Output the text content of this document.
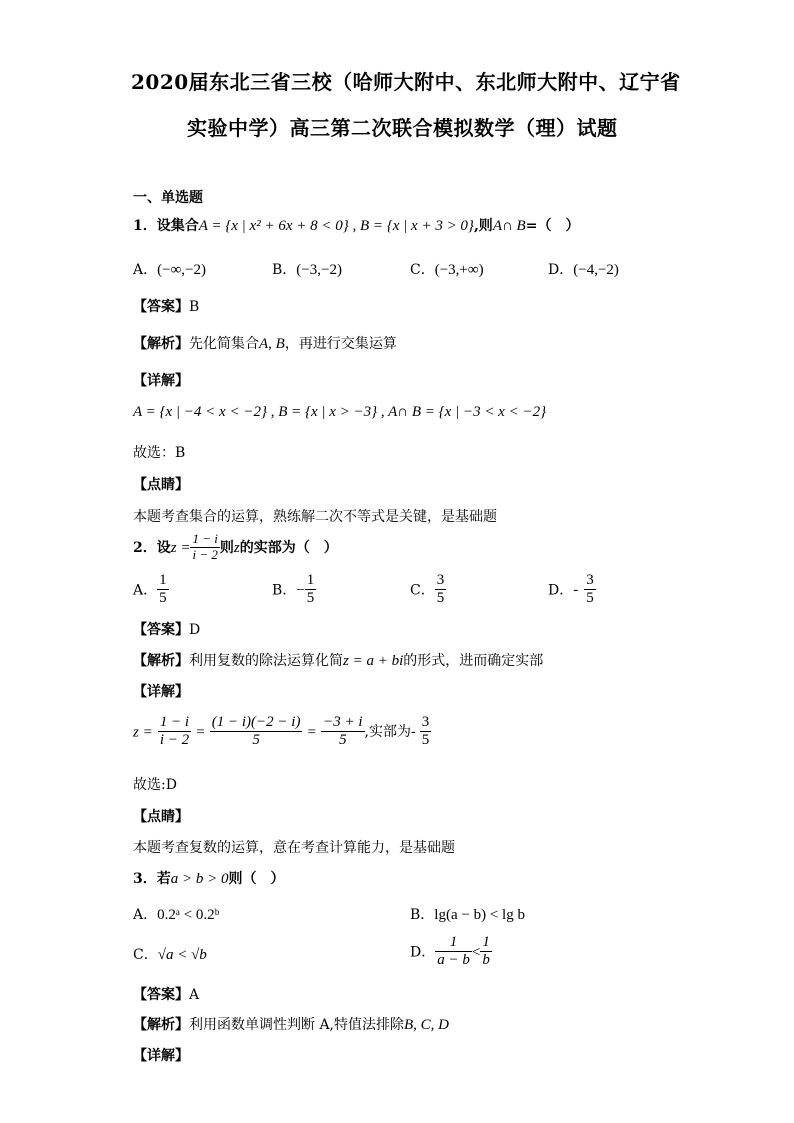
2020届东北三省三校（哈师大附中、东北师大附中、辽宁省
实验中学）高三第二次联合模拟数学（理）试题
一、单选题
1．设集合A = {x | x² + 6x + 8 < 0} , B = {x | x + 3 > 0},则A∩ B=（　）
A．(−∞,−2)	B．(−3,−2)	C．(−3,+∞)	D．(−4,−2)
【答案】B
【解析】先化简集合A, B，再进行交集运算
【详解】
A = {x | −4 < x < −2} , B = {x | x > −3} , A∩ B = {x | −3 < x < −2}
故选：B
【点睛】
本题考查集合的运算，熟练解二次不等式是关键，是基础题
2．设$z = \frac{1 - i}{i - 2}$ 则z的实部为（　）
A． $\frac{1}{5}$	B．− $\frac{1}{5}$	C． $\frac{3}{5}$	D．- $\frac{3}{5}$
【答案】D
【解析】利用复数的除法运算化简z = a + bi的形式，进而确定实部
【详解】
$z = \frac{1 - i}{i - 2} = \frac{(1 - i)(-2 - i)}{5} = \frac{-3 + i}{5}$ ,实部为- $\frac{3}{5}$
故选:D
【点睛】
本题考查复数的运算，意在考查计算能力，是基础题
3．若a > b > 0则（　）
A．0.2ᵃ < 0.2ᵇ	B．lg(a − b) < lg b
C．√a < √b	D． $\frac{1}{a - b} < \frac{1}{b}$
【答案】A
【解析】利用函数单调性判断 A,特值法排除B, C, D
【详解】
